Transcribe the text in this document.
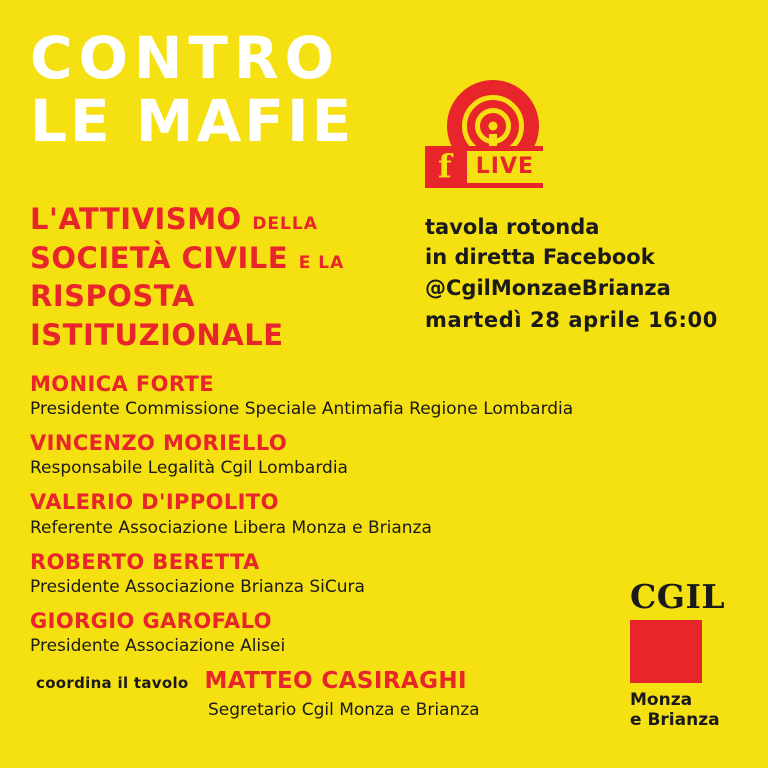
CONTRO
LE MAFIE
f	LIVE
L'ATTIVISMO DELLA
SOCIETÀ CIVILE E LA
RISPOSTA
ISTITUZIONALE
tavola rotonda
in diretta Facebook
@CgilMonzaeBrianza
martedì 28 aprile 16:00
MONICA FORTE
Presidente Commissione Speciale Antimafia Regione Lombardia
VINCENZO MORIELLO
Responsabile Legalità Cgil Lombardia
VALERIO D'IPPOLITO
Referente Associazione Libera Monza e Brianza
ROBERTO BERETTA
Presidente Associazione Brianza SiCura
GIORGIO GAROFALO
Presidente Associazione Alisei
coordina il tavolo MATTEO CASIRAGHI
Segretario Cgil Monza e Brianza
CGIL
Monza
e Brianza
